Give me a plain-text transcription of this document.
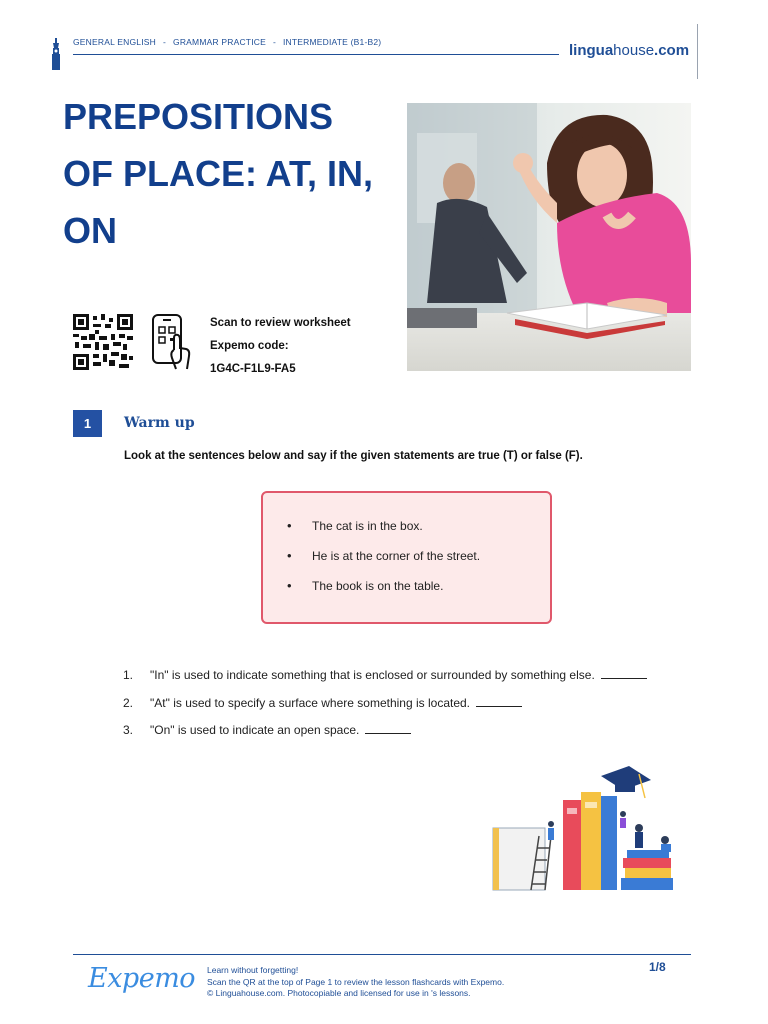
GENERAL ENGLISH - GRAMMAR PRACTICE - INTERMEDIATE (B1-B2)	linguahouse.com
PREPOSITIONS
OF PLACE: AT, IN,
ON
Scan to review worksheet
Expemo code:
1G4C-F1L9-FA5
1	Warm up
Look at the sentences below and say if the given statements are true (T) or false (F).
• The cat is in the box.
• He is at the corner of the street.
• The book is on the table.
1. "In" is used to indicate something that is enclosed or surrounded by something else.
2. "At" is used to specify a surface where something is located.
3. "On" is used to indicate an open space.
Expemo Learn without forgetting!
Scan the QR at the top of Page 1 to review the lesson flashcards with Expemo.
© Linguahouse.com. Photocopiable and licensed for use in 's lessons.
1/8
